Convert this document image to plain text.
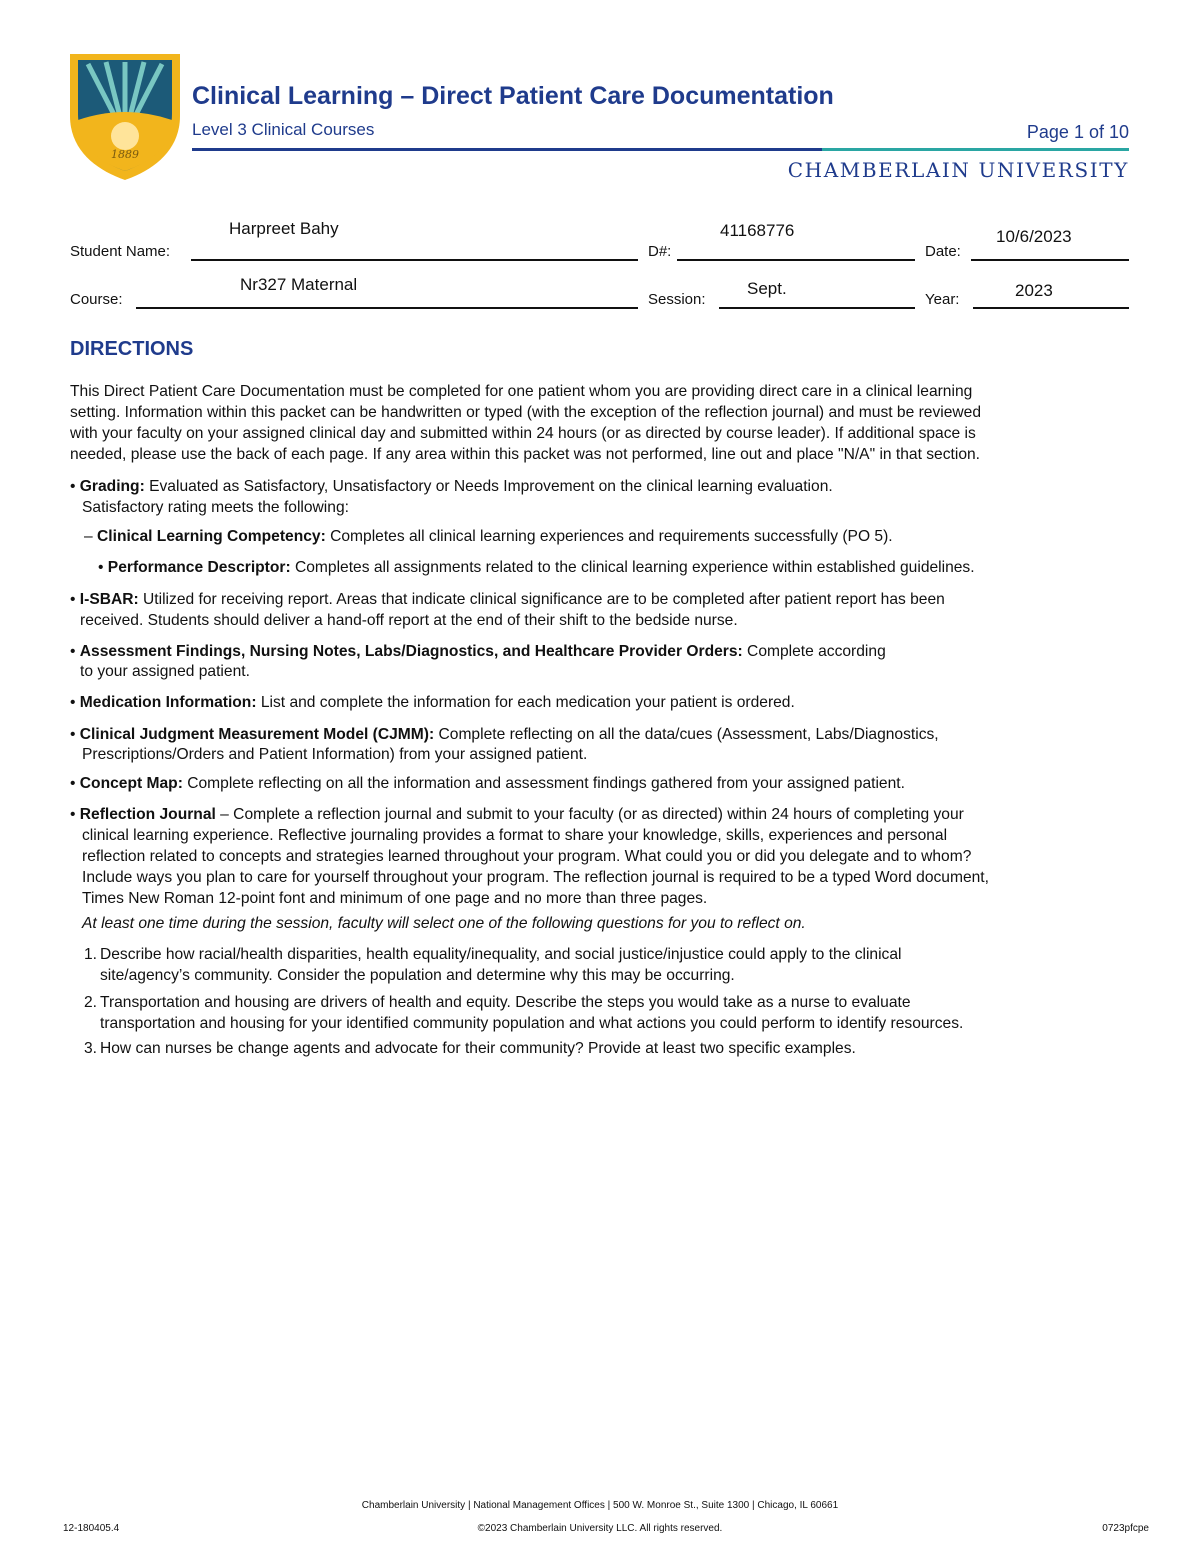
1889
Clinical Learning – Direct Patient Care Documentation
Level 3 Clinical Courses	Page 1 of 10
CHAMBERLAIN UNIVERSITY
Student Name:
Harpreet Bahy
D#:
41168776
Date:
10/6/2023
Course:
Nr327 Maternal
Session:
Sept.
Year:	2023
DIRECTIONS
This Direct Patient Care Documentation must be completed for one patient whom you are providing direct care in a clinical learning
setting. Information within this packet can be handwritten or typed (with the exception of the reflection journal) and must be reviewed
with your faculty on your assigned clinical day and submitted within 24 hours (or as directed by course leader). If additional space is
needed, please use the back of each page. If any area within this packet was not performed, line out and place "N/A" in that section.
• Grading: Evaluated as Satisfactory, Unsatisfactory or Needs Improvement on the clinical learning evaluation.
Satisfactory rating meets the following:
– Clinical Learning Competency: Completes all clinical learning experiences and requirements successfully (PO 5).
• Performance Descriptor: Completes all assignments related to the clinical learning experience within established guidelines.
• I-SBAR: Utilized for receiving report. Areas that indicate clinical significance are to be completed after patient report has been
received. Students should deliver a hand-off report at the end of their shift to the bedside nurse.
• Assessment Findings, Nursing Notes, Labs/Diagnostics, and Healthcare Provider Orders: Complete according
to your assigned patient.
• Medication Information: List and complete the information for each medication your patient is ordered.
• Clinical Judgment Measurement Model (CJMM): Complete reflecting on all the data/cues (Assessment, Labs/Diagnostics,
Prescriptions/Orders and Patient Information) from your assigned patient.
• Concept Map: Complete reflecting on all the information and assessment findings gathered from your assigned patient.
• Reflection Journal – Complete a reflection journal and submit to your faculty (or as directed) within 24 hours of completing your
clinical learning experience. Reflective journaling provides a format to share your knowledge, skills, experiences and personal
reflection related to concepts and strategies learned throughout your program. What could you or did you delegate and to whom?
Include ways you plan to care for yourself throughout your program. The reflection journal is required to be a typed Word document,
Times New Roman 12-point font and minimum of one page and no more than three pages.
At least one time during the session, faculty will select one of the following questions for you to reflect on.
1. Describe how racial/health disparities, health equality/inequality, and social justice/injustice could apply to the clinical
site/agency’s community. Consider the population and determine why this may be occurring.
2. Transportation and housing are drivers of health and equity. Describe the steps you would take as a nurse to evaluate
transportation and housing for your identified community population and what actions you could perform to identify resources.
3. How can nurses be change agents and advocate for their community? Provide at least two specific examples.
Chamberlain University | National Management Offices | 500 W. Monroe St., Suite 1300 | Chicago, IL 60661
12-180405.4	©2023 Chamberlain University LLC. All rights reserved.	0723pfcpe
